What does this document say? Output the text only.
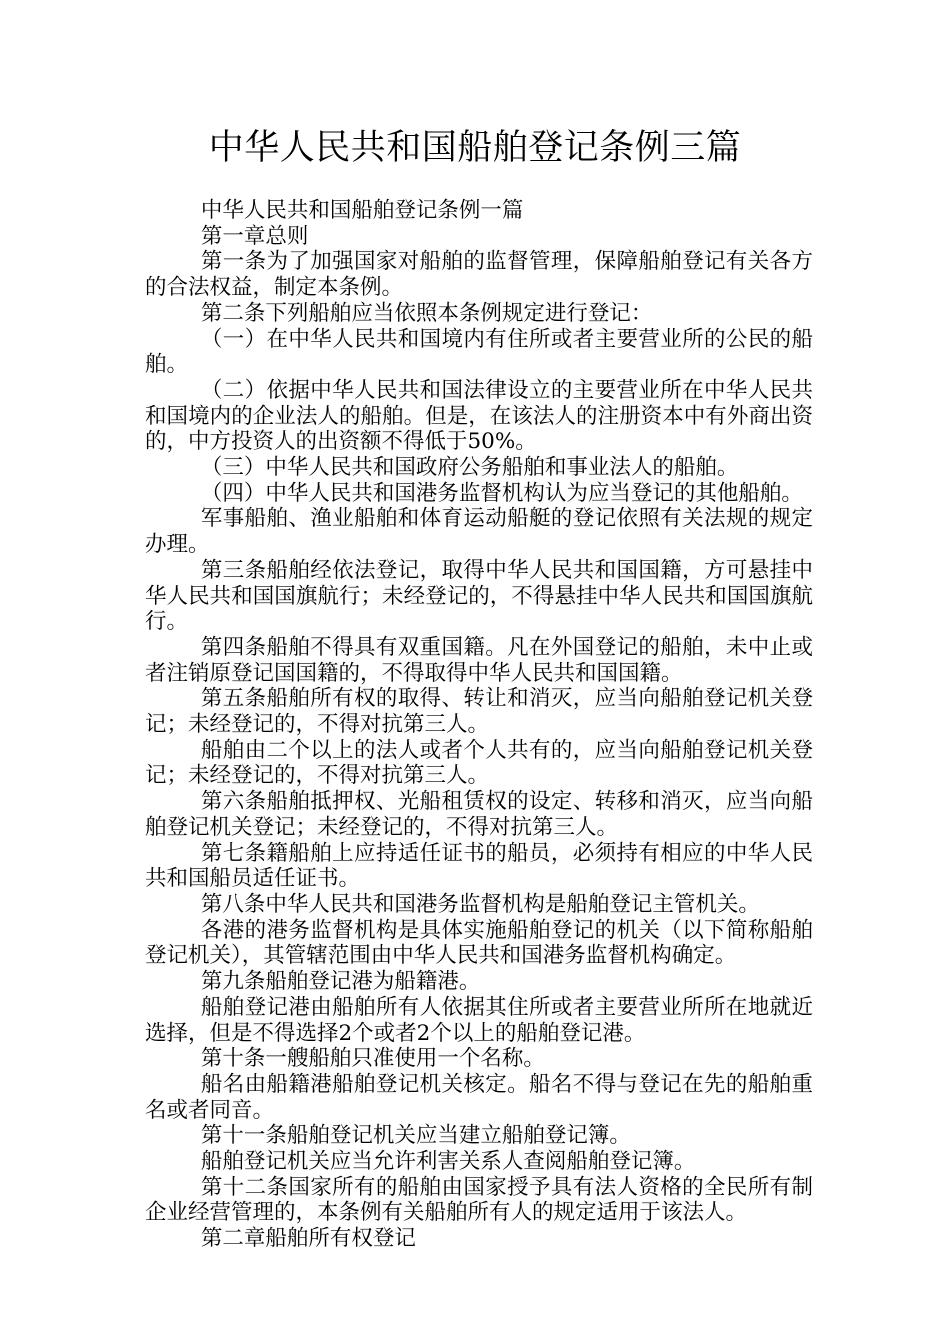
中华人民共和国船舶登记条例三篇

中华人民共和国船舶登记条例一篇

第一章总则

第一条为了加强国家对船舶的监督管理，保障船舶登记有关各方的合法权益，制定本条例。

第二条下列船舶应当依照本条例规定进行登记：

（一）在中华人民共和国境内有住所或者主要营业所的公民的船舶。

（二）依据中华人民共和国法律设立的主要营业所在中华人民共和国境内的企业法人的船舶。但是，在该法人的注册资本中有外商出资的，中方投资人的出资额不得低于50%。

（三）中华人民共和国政府公务船舶和事业法人的船舶。

（四）中华人民共和国港务监督机构认为应当登记的其他船舶。

军事船舶、渔业船舶和体育运动船艇的登记依照有关法规的规定办理。

第三条船舶经依法登记，取得中华人民共和国国籍，方可悬挂中华人民共和国国旗航行；未经登记的，不得悬挂中华人民共和国国旗航行。

第四条船舶不得具有双重国籍。凡在外国登记的船舶，未中止或者注销原登记国国籍的，不得取得中华人民共和国国籍。

第五条船舶所有权的取得、转让和消灭，应当向船舶登记机关登记；未经登记的，不得对抗第三人。

船舶由二个以上的法人或者个人共有的，应当向船舶登记机关登记；未经登记的，不得对抗第三人。

第六条船舶抵押权、光船租赁权的设定、转移和消灭，应当向船舶登记机关登记；未经登记的，不得对抗第三人。

第七条籍船舶上应持适任证书的船员，必须持有相应的中华人民共和国船员适任证书。

第八条中华人民共和国港务监督机构是船舶登记主管机关。

各港的港务监督机构是具体实施船舶登记的机关（以下简称船舶登记机关），其管辖范围由中华人民共和国港务监督机构确定。

第九条船舶登记港为船籍港。

船舶登记港由船舶所有人依据其住所或者主要营业所所在地就近选择，但是不得选择2个或者2个以上的船舶登记港。

第十条一艘船舶只准使用一个名称。

船名由船籍港船舶登记机关核定。船名不得与登记在先的船舶重名或者同音。

第十一条船舶登记机关应当建立船舶登记簿。

船舶登记机关应当允许利害关系人查阅船舶登记簿。

第十二条国家所有的船舶由国家授予具有法人资格的全民所有制企业经营管理的，本条例有关船舶所有人的规定适用于该法人。

第二章船舶所有权登记
